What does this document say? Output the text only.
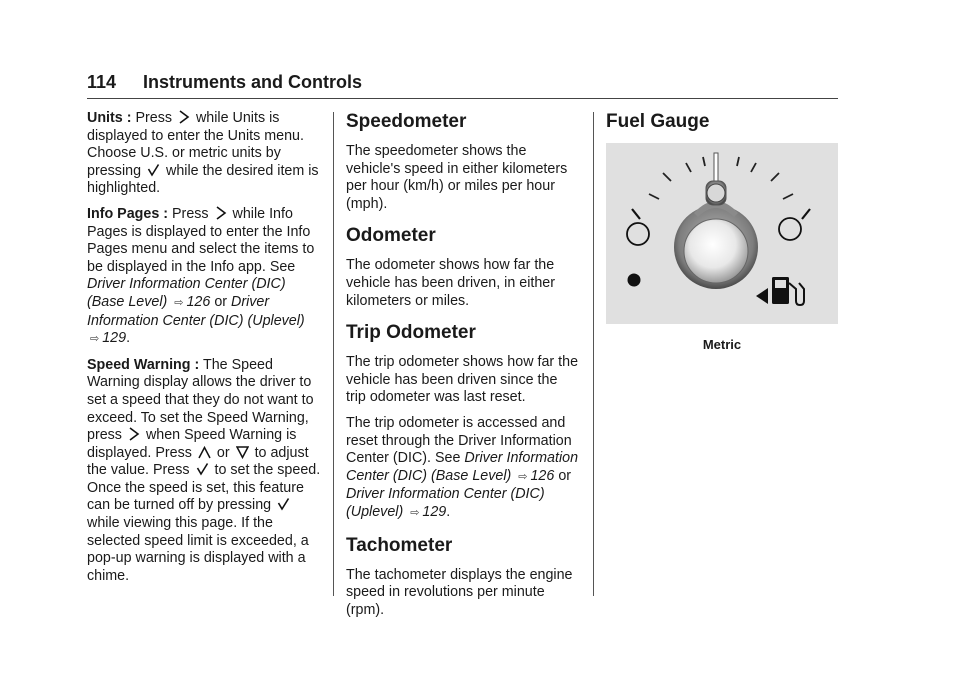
114 Instruments and Controls

Units : Press while Units is displayed to enter the Units menu. Choose U.S. or metric units by pressing while the desired item is highlighted.

Info Pages : Press while Info Pages is displayed to enter the Info Pages menu and select the items to be displayed in the Info app. See Driver Information Center (DIC) (Base Level) ⇨ 126 or Driver Information Center (DIC) (Uplevel) ⇨ 129.

Speed Warning : The Speed Warning display allows the driver to set a speed that they do not want to exceed. To set the Speed Warning, press when Speed Warning is displayed. Press or to adjust the value. Press to set the speed. Once the speed is set, this feature can be turned off by pressing  while viewing this page. If the selected speed limit is exceeded, a pop-up warning is displayed with a chime.

Speedometer

The speedometer shows the vehicle's speed in either kilometers per hour (km/h) or miles per hour (mph).

Odometer

The odometer shows how far the vehicle has been driven, in either kilometers or miles.

Trip Odometer

The trip odometer shows how far the vehicle has been driven since the trip odometer was last reset.

The trip odometer is accessed and reset through the Driver Information Center (DIC). See Driver Information Center (DIC) (Base Level) ⇨ 126 or Driver Information Center (DIC) (Uplevel) ⇨ 129.

Tachometer

The tachometer displays the engine speed in revolutions per minute (rpm).

Fuel Gauge
Metric
